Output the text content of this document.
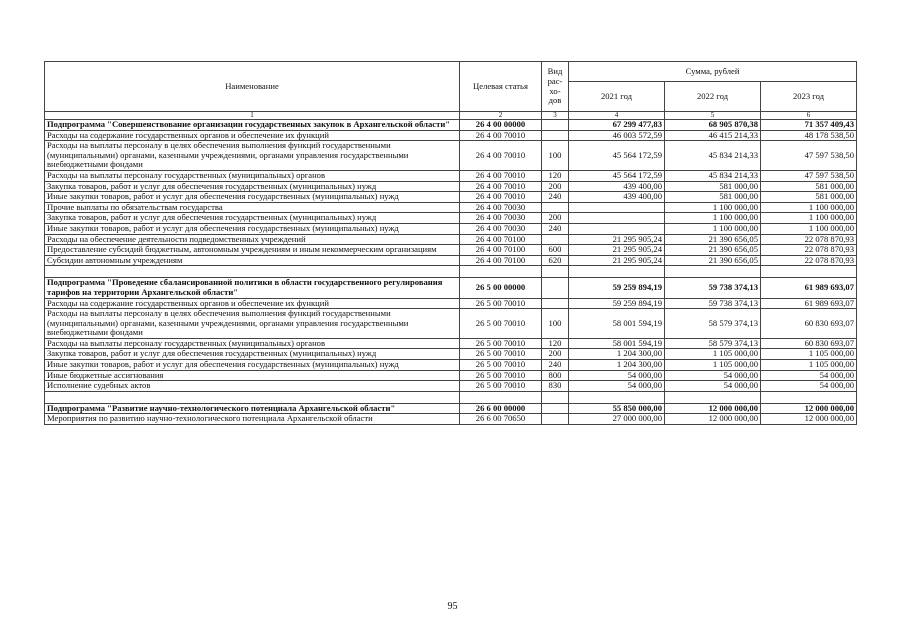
Наименование	Целевая статья	Вид рас-хо-дов	Сумма, рублей		
			2021 год	2022 год	2023 год
1	2	3	4	5	6
Подпрограмма "Совершенствование организации государственных закупок в Архангельской области"	26 4 00 00000		67 299 477,83	68 905 870,38	71 357 409,43
Расходы на содержание государственных органов и обеспечение их функций	26 4 00 70010		46 003 572,59	46 415 214,33	48 178 538,50
Расходы на выплаты персоналу в целях обеспечения выполнения функций государственными (муниципальными) органами, казенными учреждениями, органами управления государственными внебюджетными фондами	26 4 00 70010	100	45 564 172,59	45 834 214,33	47 597 538,50
Расходы на выплаты персоналу государственных (муниципальных) органов	26 4 00 70010	120	45 564 172,59	45 834 214,33	47 597 538,50
Закупка товаров, работ и услуг для обеспечения государственных (муниципальных) нужд	26 4 00 70010	200	439 400,00	581 000,00	581 000,00
Иные закупки товаров, работ и услуг для обеспечения государственных (муниципальных) нужд	26 4 00 70010	240	439 400,00	581 000,00	581 000,00
Прочие выплаты по обязательствам государства	26 4 00 70030			1 100 000,00	1 100 000,00
Закупка товаров, работ и услуг для обеспечения государственных (муниципальных) нужд	26 4 00 70030	200		1 100 000,00	1 100 000,00
Иные закупки товаров, работ и услуг для обеспечения государственных (муниципальных) нужд	26 4 00 70030	240		1 100 000,00	1 100 000,00
Расходы на обеспечение деятельности подведомственных учреждений	26 4 00 70100		21 295 905,24	21 390 656,05	22 078 870,93
Предоставление субсидий бюджетным, автономным учреждениям и иным некоммерческим организациям	26 4 00 70100	600	21 295 905,24	21 390 656,05	22 078 870,93
Субсидии автономным учреждениям	26 4 00 70100	620	21 295 905,24	21 390 656,05	22 078 870,93

Подпрограмма "Проведение сбалансированной политики в области государственного регулирования тарифов на территории Архангельской области"	26 5 00 00000		59 259 894,19	59 738 374,13	61 989 693,07
Расходы на содержание государственных органов и обеспечение их функций	26 5 00 70010		59 259 894,19	59 738 374,13	61 989 693,07
Расходы на выплаты персоналу в целях обеспечения выполнения функций государственными (муниципальными) органами, казенными учреждениями, органами управления государственными внебюджетными фондами	26 5 00 70010	100	58 001 594,19	58 579 374,13	60 830 693,07
Расходы на выплаты персоналу государственных (муниципальных) органов	26 5 00 70010	120	58 001 594,19	58 579 374,13	60 830 693,07
Закупка товаров, работ и услуг для обеспечения государственных (муниципальных) нужд	26 5 00 70010	200	1 204 300,00	1 105 000,00	1 105 000,00
Иные закупки товаров, работ и услуг для обеспечения государственных (муниципальных) нужд	26 5 00 70010	240	1 204 300,00	1 105 000,00	1 105 000,00
Иные бюджетные ассигнования	26 5 00 70010	800	54 000,00	54 000,00	54 000,00
Исполнение судебных актов	26 5 00 70010	830	54 000,00	54 000,00	54 000,00

Подпрограмма "Развитие научно-технологического потенциала Архангельской области"	26 6 00 00000		55 850 000,00	12 000 000,00	12 000 000,00
Мероприятия по развитию научно-технологического потенциала Архангельской области	26 6 00 70650		27 000 000,00	12 000 000,00	12 000 000,00
95
